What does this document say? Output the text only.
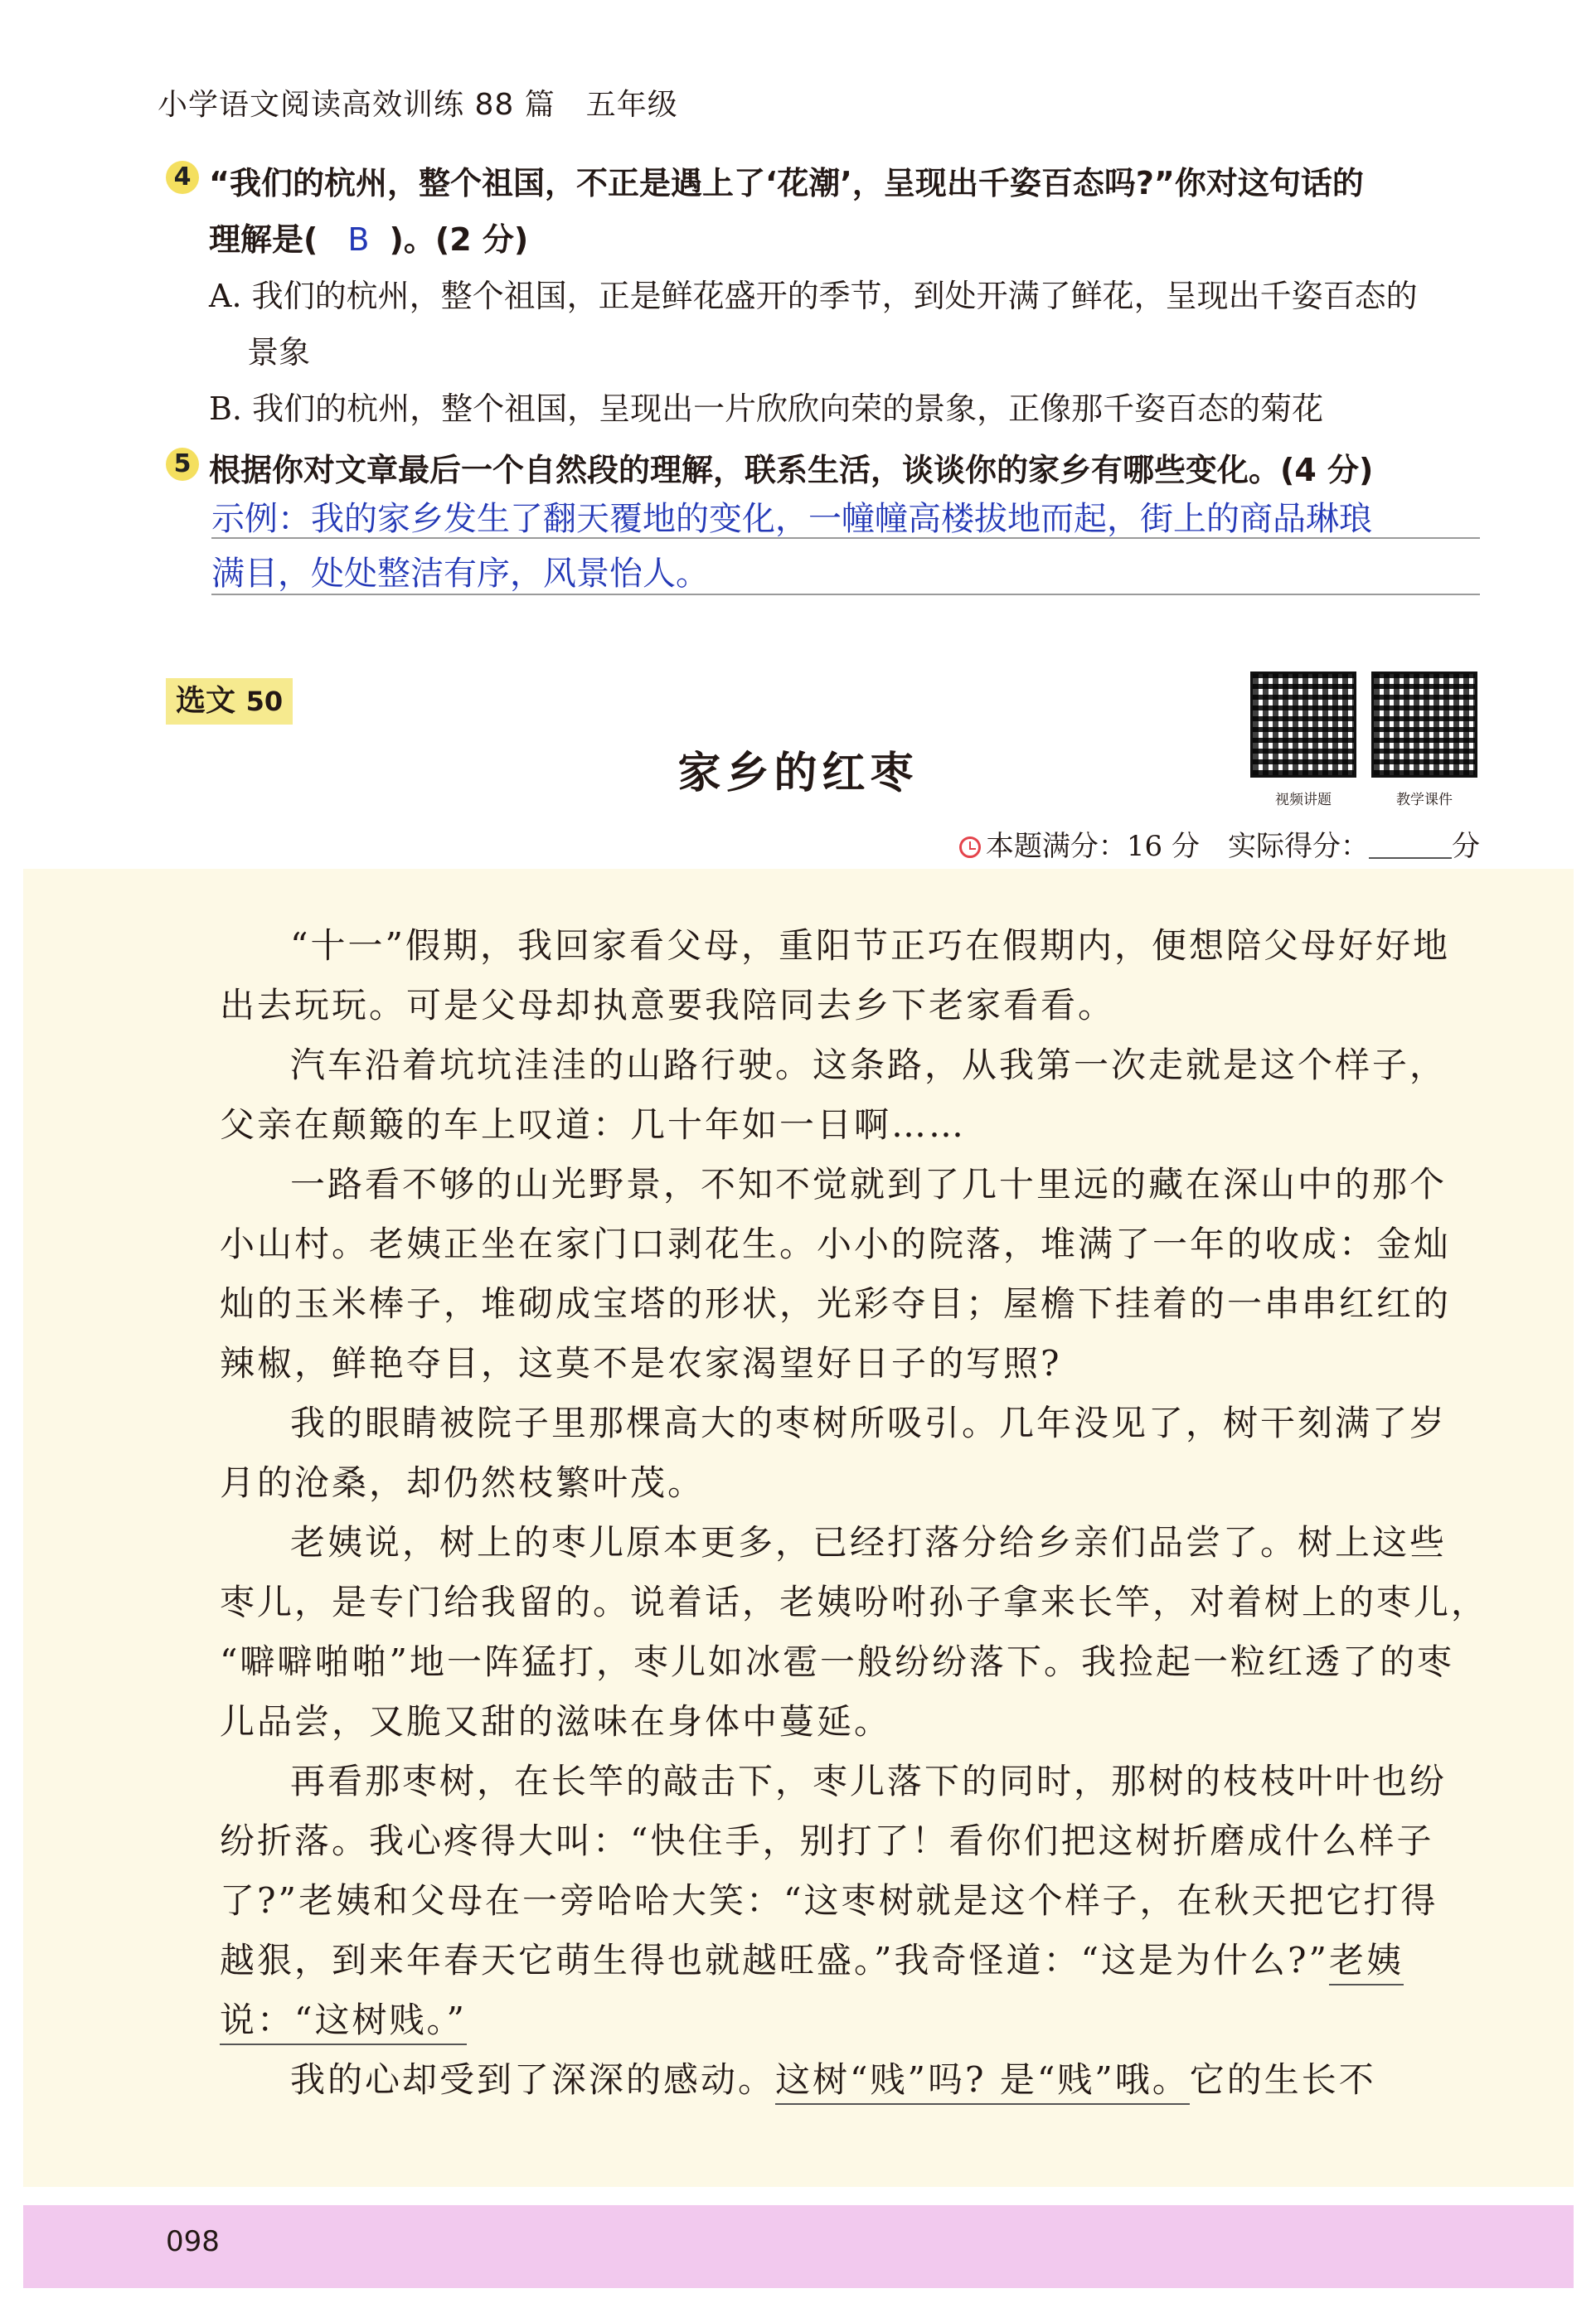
小学语文阅读高效训练 88 篇　五年级
4 “我们的杭州，整个祖国，不正是遇上了‘花潮’，呈现出千姿百态吗?”你对这句话的
理解是( B )。(2 分)
A. 我们的杭州，整个祖国，正是鲜花盛开的季节，到处开满了鲜花，呈现出千姿百态的
景象
B. 我们的杭州，整个祖国，呈现出一片欣欣向荣的景象，正像那千姿百态的菊花
5 根据你对文章最后一个自然段的理解，联系生活，谈谈你的家乡有哪些变化。(4 分)
示例：我的家乡发生了翻天覆地的变化，一幢幢高楼拔地而起，街上的商品琳琅
满目，处处整洁有序，风景怡人。
选文 50
家乡的红枣
视频讲题	教学课件
本题满分：16 分　 实际得分：	分
“十一”假期，我回家看父母，重阳节正巧在假期内，便想陪父母好好地
出去玩玩。可是父母却执意要我陪同去乡下老家看看。
汽车沿着坑坑洼洼的山路行驶。这条路，从我第一次走就是这个样子，
父亲在颠簸的车上叹道：几十年如一日啊……
一路看不够的山光野景，不知不觉就到了几十里远的藏在深山中的那个
小山村。老姨正坐在家门口剥花生。小小的院落，堆满了一年的收成：金灿
灿的玉米棒子，堆砌成宝塔的形状，光彩夺目；屋檐下挂着的一串串红红的
辣椒，鲜艳夺目，这莫不是农家渴望好日子的写照?
我的眼睛被院子里那棵高大的枣树所吸引。几年没见了，树干刻满了岁
月的沧桑，却仍然枝繁叶茂。
老姨说，树上的枣儿原本更多，已经打落分给乡亲们品尝了。树上这些
枣儿，是专门给我留的。说着话，老姨吩咐孙子拿来长竿，对着树上的枣儿，
“噼噼啪啪”地一阵猛打，枣儿如冰雹一般纷纷落下。我捡起一粒红透了的枣
儿品尝，又脆又甜的滋味在身体中蔓延。
再看那枣树，在长竿的敲击下，枣儿落下的同时，那树的枝枝叶叶也纷
纷折落。我心疼得大叫：“快住手，别打了！看你们把这树折磨成什么样子
了?”老姨和父母在一旁哈哈大笑：“这枣树就是这个样子，在秋天把它打得
越狠，到来年春天它萌生得也就越旺盛。”我奇怪道：“这是为什么?”老姨
说：“这树贱。”
我的心却受到了深深的感动。这树“贱”吗? 是“贱”哦。它的生长不
098
